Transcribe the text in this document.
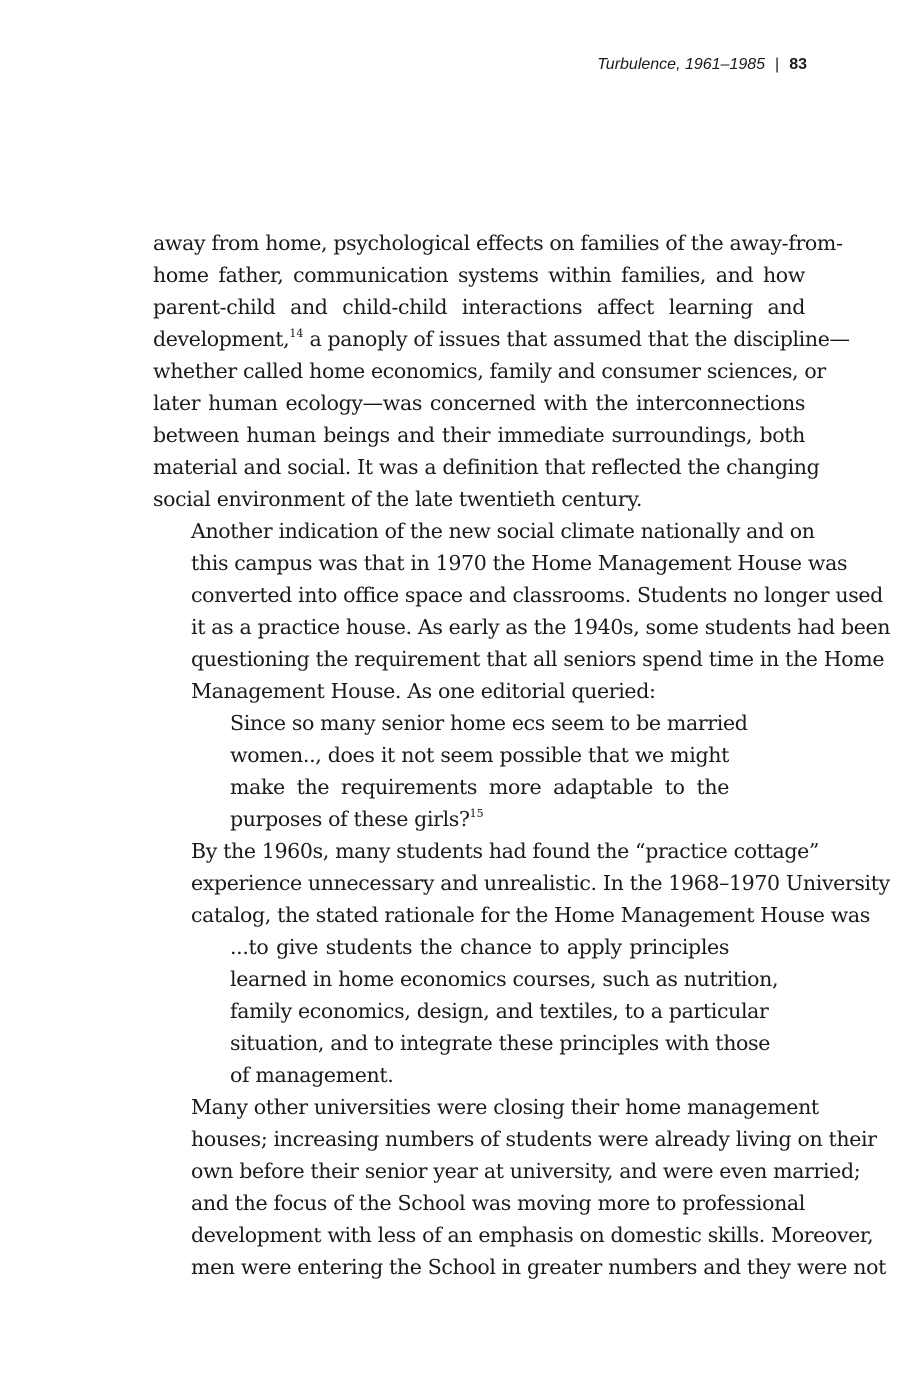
Turbulence, 1961–1985 | 83

away from home, psychological effects on families of the away-from-
home father, communication systems within families, and how
parent-child and child-child interactions affect learning and
development,$^{14}$ a panoply of issues that assumed that the discipline—
whether called home economics, family and consumer sciences, or
later human ecology—was concerned with the interconnections
between human beings and their immediate surroundings, both
material and social. It was a definition that reflected the changing
social environment of the late twentieth century.

Another indication of the new social climate nationally and on
this campus was that in 1970 the Home Management House was
converted into office space and classrooms. Students no longer used
it as a practice house. As early as the 1940s, some students had been
questioning the requirement that all seniors spend time in the Home
Management House. As one editorial queried:

Since so many senior home ecs seem to be married
women.., does it not seem possible that we might
make the requirements more adaptable to the
purposes of these girls?$^{15}$

By the 1960s, many students had found the “practice cottage”
experience unnecessary and unrealistic. In the 1968–1970 University
catalog, the stated rationale for the Home Management House was

...to give students the chance to apply principles
learned in home economics courses, such as nutrition,
family economics, design, and textiles, to a particular
situation, and to integrate these principles with those
of management.

Many other universities were closing their home management
houses; increasing numbers of students were already living on their
own before their senior year at university, and were even married;
and the focus of the School was moving more to professional
development with less of an emphasis on domestic skills. Moreover,
men were entering the School in greater numbers and they were not
